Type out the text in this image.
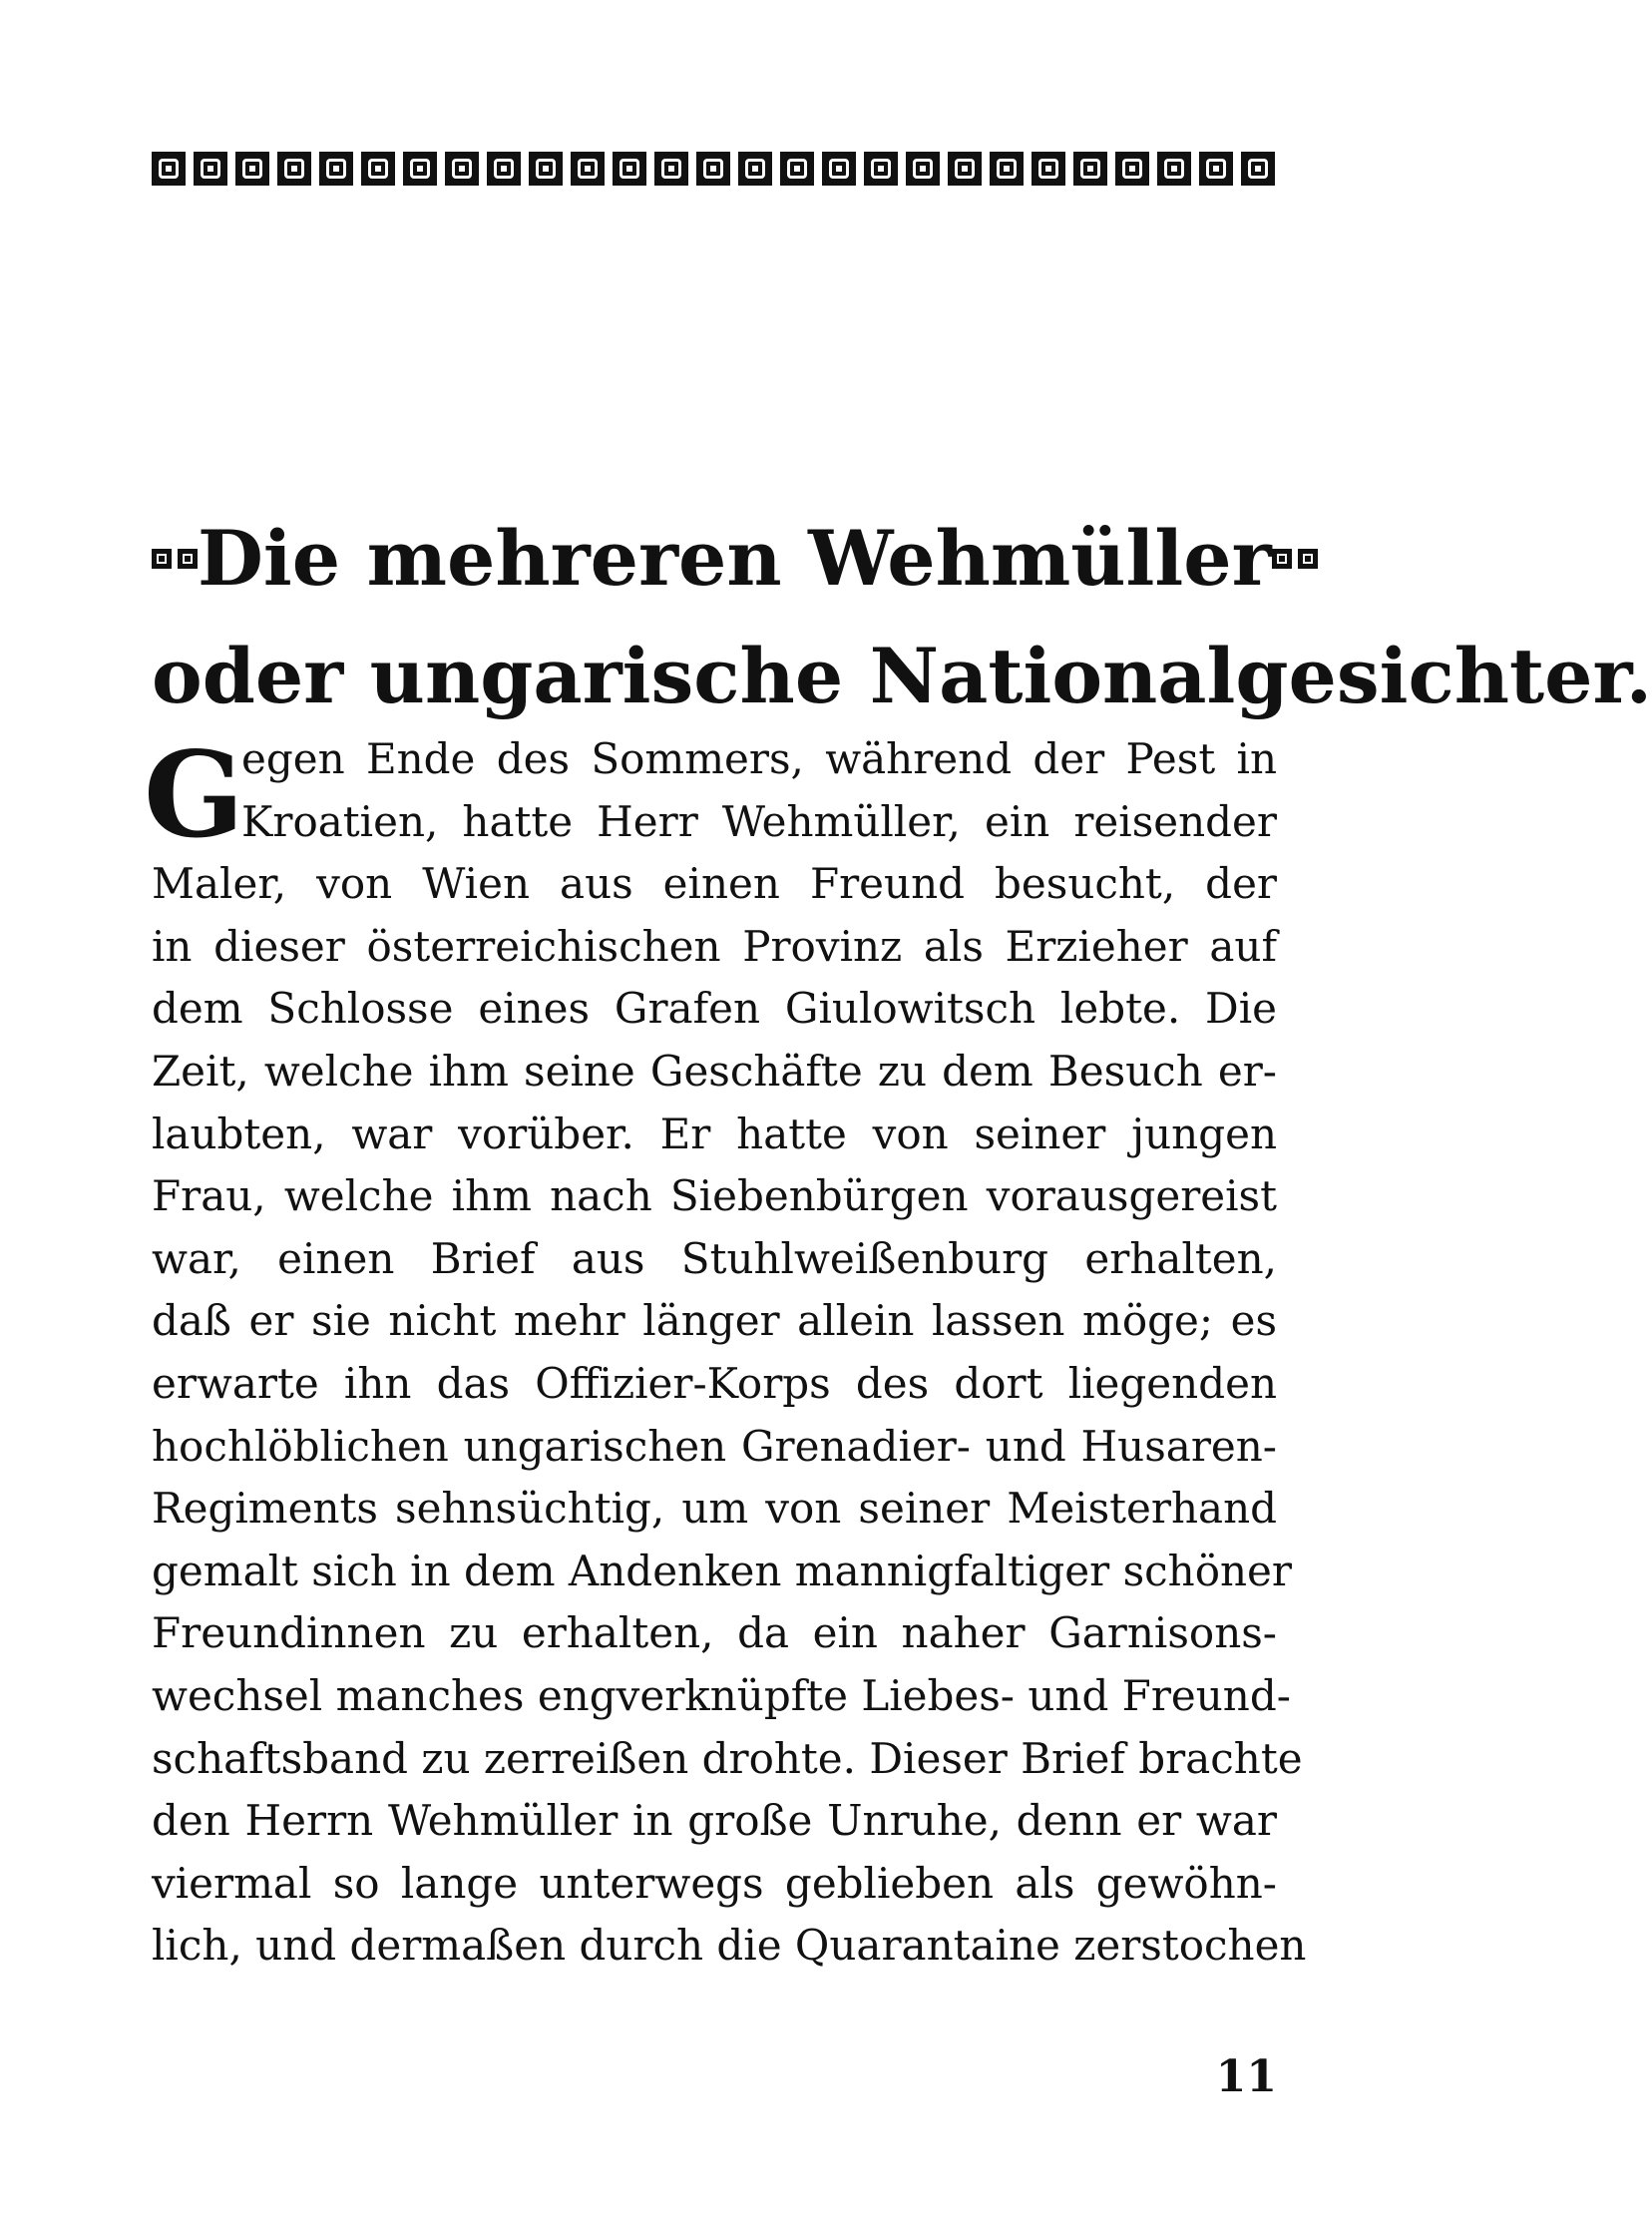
Die mehreren Wehmüller
oder ungarische Nationalgesichter.
G
egen Ende des Sommers, während der Pest in
Kroatien, hatte Herr Wehmüller, ein reisender
Maler, von Wien aus einen Freund besucht, der
in dieser österreichischen Provinz als Erzieher auf
dem Schlosse eines Grafen Giulowitsch lebte. Die
Zeit, welche ihm seine Geschäfte zu dem Besuch er-
laubten, war vorüber. Er hatte von seiner jungen
Frau, welche ihm nach Siebenbürgen vorausgereist
war, einen Brief aus Stuhlweißenburg erhalten,
daß er sie nicht mehr länger allein lassen möge; es
erwarte ihn das Offizier-Korps des dort liegenden
hochlöblichen ungarischen Grenadier- und Husaren-
Regiments sehnsüchtig, um von seiner Meisterhand
gemalt sich in dem Andenken mannigfaltiger schöner
Freundinnen zu erhalten, da ein naher Garnisons-
wechsel manches engverknüpfte Liebes- und Freund-
schaftsband zu zerreißen drohte. Dieser Brief brachte
den Herrn Wehmüller in große Unruhe, denn er war
viermal so lange unterwegs geblieben als gewöhn-
lich, und dermaßen durch die Quarantaine zerstochen
11
